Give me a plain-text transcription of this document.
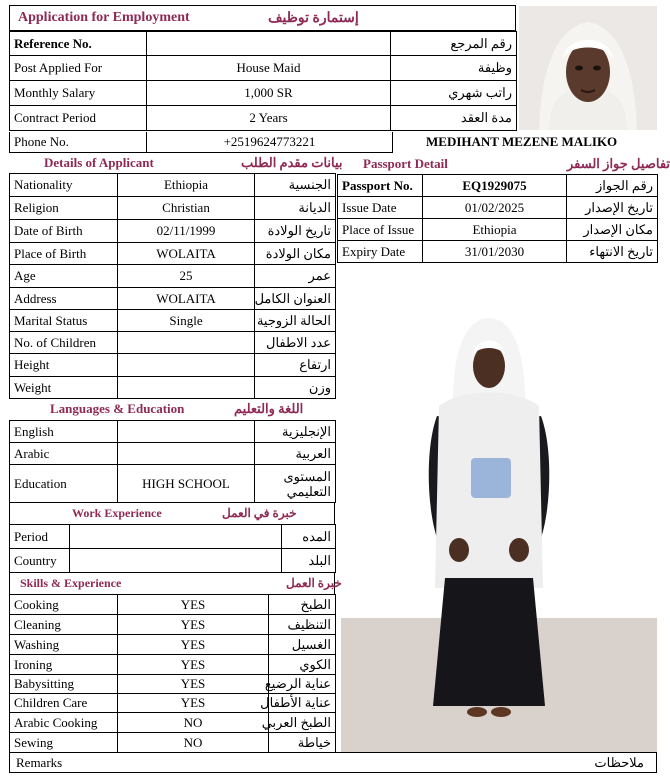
Application for Employment	إستمارة توظيف
Reference No.		رقم المرجع
Post Applied For	House Maid	وظيفة
Monthly Salary	1,000 SR	راتب شهري
Contract Period	2 Years	مدة العقد
Phone No.	+2519624773221	MEDIHANT MEZENE MALIKO
Details of Applicant	بيانات مقدم الطلب
Nationality	Ethiopia	الجنسية
Religion	Christian	الديانة
Date of Birth	02/11/1999	تاريخ الولادة
Place of Birth	WOLAITA	مكان الولادة
Age	25	عمر
Address	WOLAITA	العنوان الكامل
Marital Status	Single	الحالة الزوجية
No. of Children		عدد الاطفال
Height		ارتفاع
Weight		وزن
Passport Detail	تفاصيل جواز السفر
Passport No.	EQ1929075	رقم الجواز
Issue Date	01/02/2025	تاريخ الإصدار
Place of Issue	Ethiopia	مكان الإصدار
Expiry Date	31/01/2030	تاريخ الانتهاء
Languages & Education	اللغة والتعليم
English		الإنجليزية
Arabic		العربية
Education	HIGH SCHOOL	المستوى التعليمي
Work Experience	خبرة في العمل
Period		المده
Country		البلد
Skills & Experience	خبرة العمل
Cooking	YES	الطبخ
Cleaning	YES	التنظيف
Washing	YES	الغسيل
Ironing	YES	الكوي
Babysitting	YES	عناية الرضيع
Children Care	YES	عناية الأطفال
Arabic Cooking	NO	الطبخ العربي
Sewing	NO	خياطة
Remarks	ملاحظات
